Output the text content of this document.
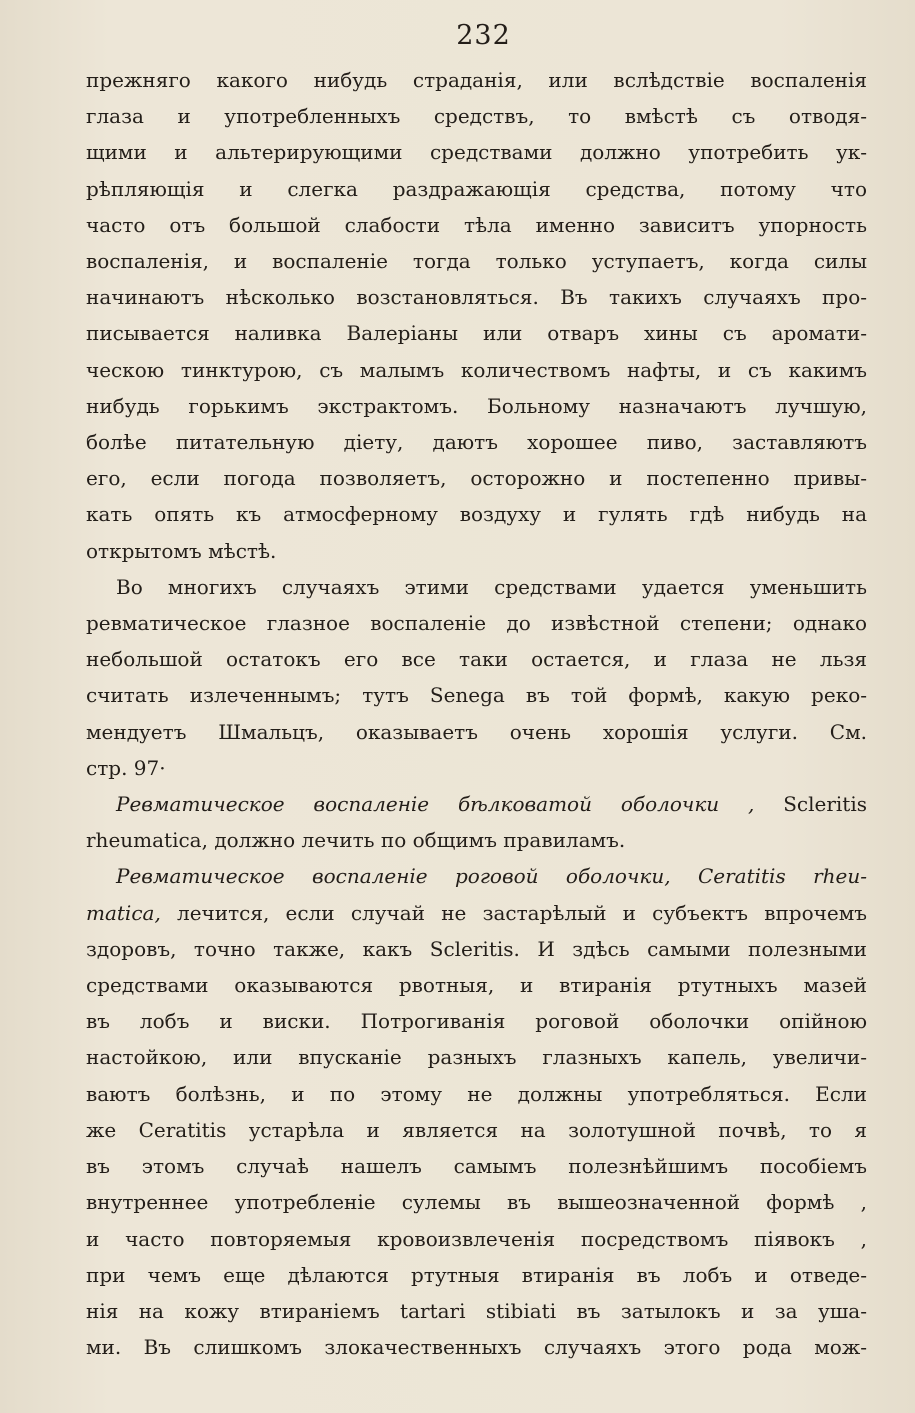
232

прежняго какого нибудь страданія, или вслѣдствіе воспаленія
глаза и употребленныхъ средствъ, то вмѣстѣ съ отводя-
щими и альтерирующими средствами должно употребить ук-
рѣпляющія и слегка раздражающія средства, потому что
часто отъ большой слабости тѣла именно зависитъ упорность
воспаленія, и воспаленіе тогда только уступаетъ, когда силы
начинаютъ нѣсколько возстановляться. Въ такихъ случаяхъ про-
писывается наливка Валеріаны или отваръ хины съ аромати-
ческою тинктурою, съ малымъ количествомъ нафты, и съ какимъ
нибудь горькимъ экстрактомъ. Больному назначаютъ лучшую,
болѣе питательную діету, даютъ хорошее пиво, заставляютъ
его, если погода позволяетъ, осторожно и постепенно привы-
кать опять къ атмосферному воздуху и гулять гдѣ нибудь на
открытомъ мѣстѣ.

Во многихъ случаяхъ этими средствами удается уменьшить
ревматическое глазное воспаленіе до извѣстной степени; однако
небольшой остатокъ его все таки остается, и глаза не льзя
считать излеченнымъ; тутъ Senega въ той формѣ, какую реко-
мендуетъ Шмальцъ, оказываетъ очень хорошія услуги. См.
стр. 97·

Ревматическое воспаленіе бѣлковатой оболочки , Scleritis
rheumatica, должно лечить по общимъ правиламъ.

Ревматическое воспаленіе роговой оболочки, Ceratitis rheu-
matica, лечится, если случай не застарѣлый и субъектъ впрочемъ
здоровъ, точно также, какъ Scleritis. И здѣсь самыми полезными
средствами оказываются рвотныя, и втиранія ртутныхъ мазей
въ лобъ и виски. Потрогиванія роговой оболочки опійною
настойкою, или впусканіе разныхъ глазныхъ капель, увеличи-
ваютъ болѣзнь, и по этому не должны употребляться. Если
же Ceratitis устарѣла и является на золотушной почвѣ, то я
въ этомъ случаѣ нашелъ самымъ полезнѣйшимъ пособіемъ
внутреннее употребленіе сулемы въ вышеозначенной формѣ ,
и часто повторяемыя кровоизвлеченія посредствомъ піявокъ ,
при чемъ еще дѣлаются ртутныя втиранія въ лобъ и отведе-
нія на кожу втираніемъ tartari stibiati въ затылокъ и за уша-
ми. Въ слишкомъ злокачественныхъ случаяхъ этого рода мож-
